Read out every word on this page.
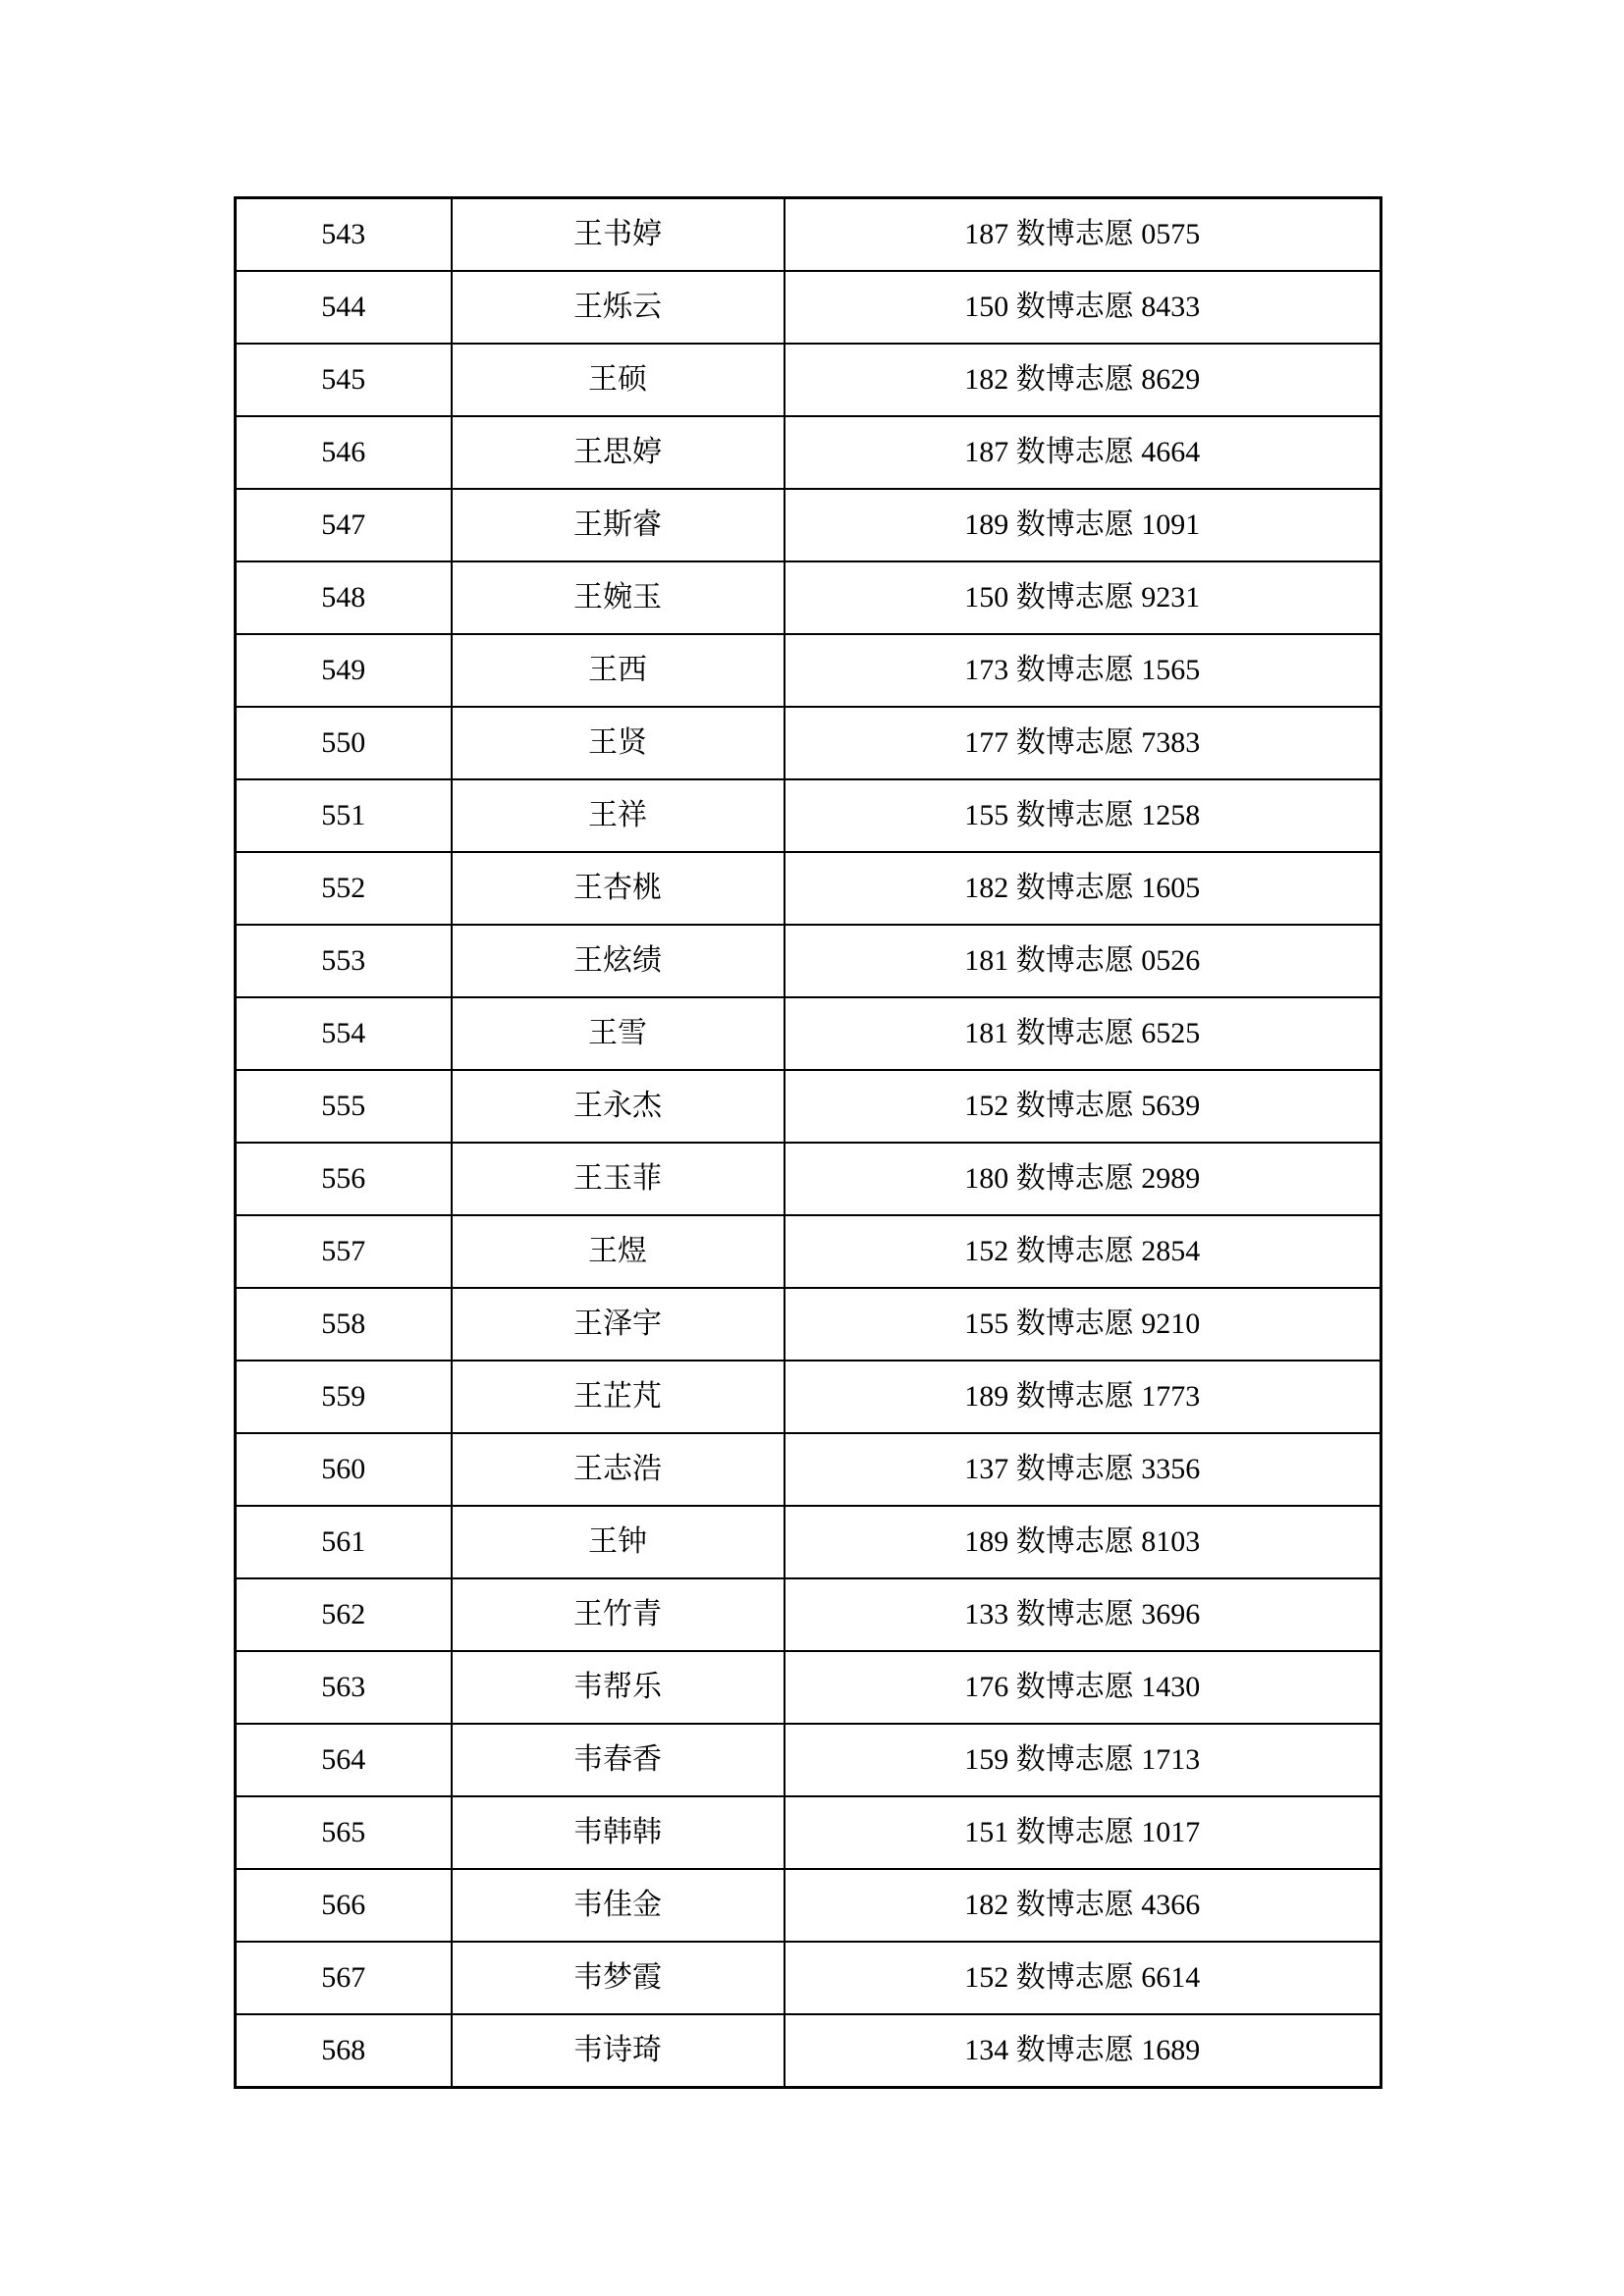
543	王书婷	187 数博志愿 0575
544	王烁云	150 数博志愿 8433
545	王硕	182 数博志愿 8629
546	王思婷	187 数博志愿 4664
547	王斯睿	189 数博志愿 1091
548	王婉玉	150 数博志愿 9231
549	王西	173 数博志愿 1565
550	王贤	177 数博志愿 7383
551	王祥	155 数博志愿 1258
552	王杏桃	182 数博志愿 1605
553	王炫绩	181 数博志愿 0526
554	王雪	181 数博志愿 6525
555	王永杰	152 数博志愿 5639
556	王玉菲	180 数博志愿 2989
557	王煜	152 数博志愿 2854
558	王泽宇	155 数博志愿 9210
559	王芷芃	189 数博志愿 1773
560	王志浩	137 数博志愿 3356
561	王钟	189 数博志愿 8103
562	王竹青	133 数博志愿 3696
563	韦帮乐	176 数博志愿 1430
564	韦春香	159 数博志愿 1713
565	韦韩韩	151 数博志愿 1017
566	韦佳金	182 数博志愿 4366
567	韦梦霞	152 数博志愿 6614
568	韦诗琦	134 数博志愿 1689
